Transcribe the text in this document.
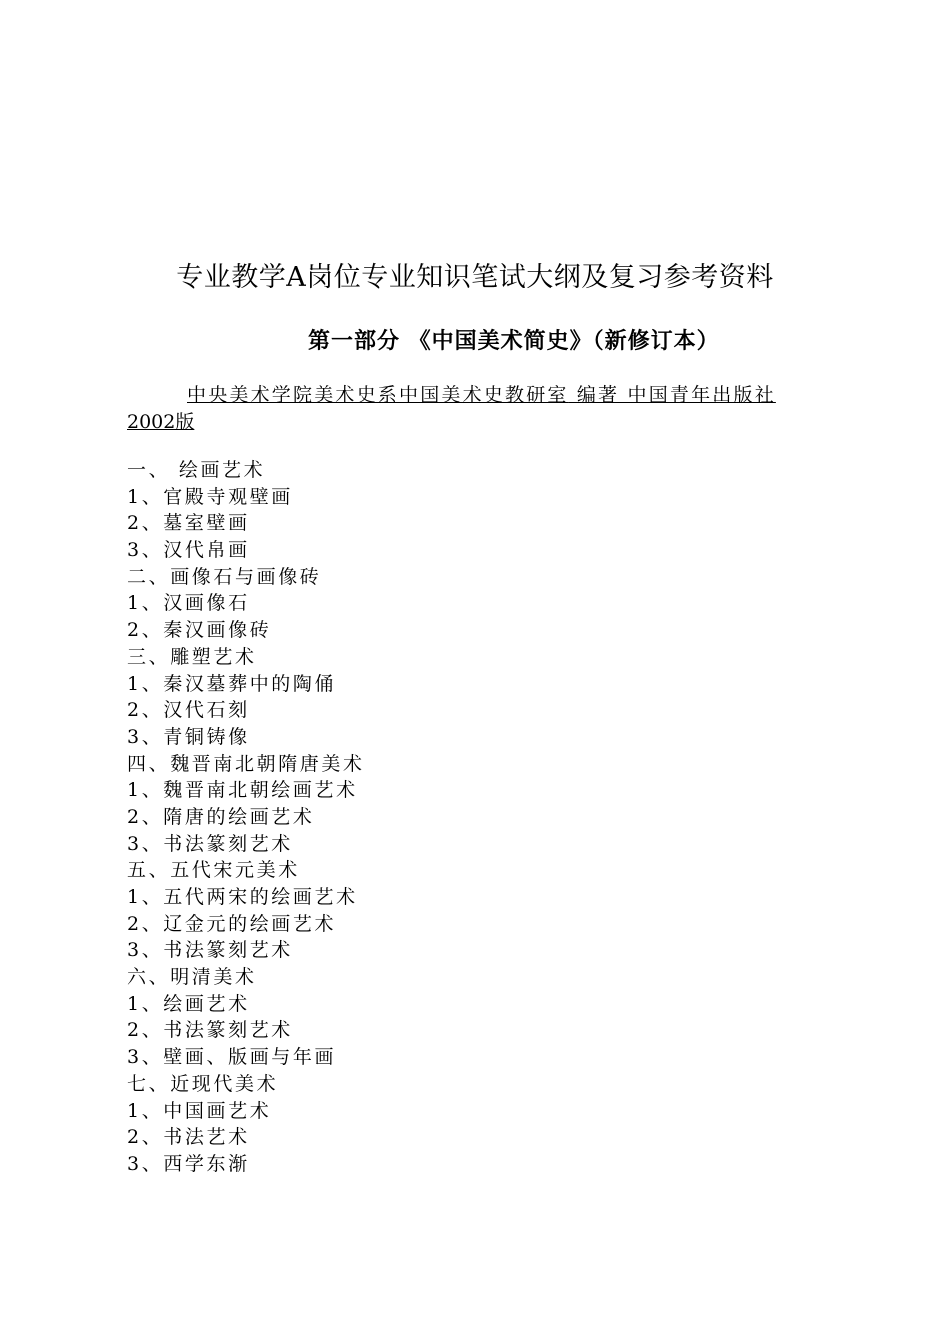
专业教学A岗位专业知识笔试大纲及复习参考资料
第一部分 《中国美术简史》（新修订本）
中央美术学院美术史系中国美术史教研室 编著 中国青年出版社
2002版
一、 绘画艺术
1、官殿寺观壁画
2、墓室壁画
3、汉代帛画
二、画像石与画像砖
1、汉画像石
2、秦汉画像砖
三、雕塑艺术
1、秦汉墓葬中的陶俑
2、汉代石刻
3、青铜铸像
四、魏晋南北朝隋唐美术
1、魏晋南北朝绘画艺术
2、隋唐的绘画艺术
3、书法篆刻艺术
五、五代宋元美术
1、五代两宋的绘画艺术
2、辽金元的绘画艺术
3、书法篆刻艺术
六、明清美术
1、绘画艺术
2、书法篆刻艺术
3、壁画、版画与年画
七、近现代美术
1、中国画艺术
2、书法艺术
3、西学东渐
